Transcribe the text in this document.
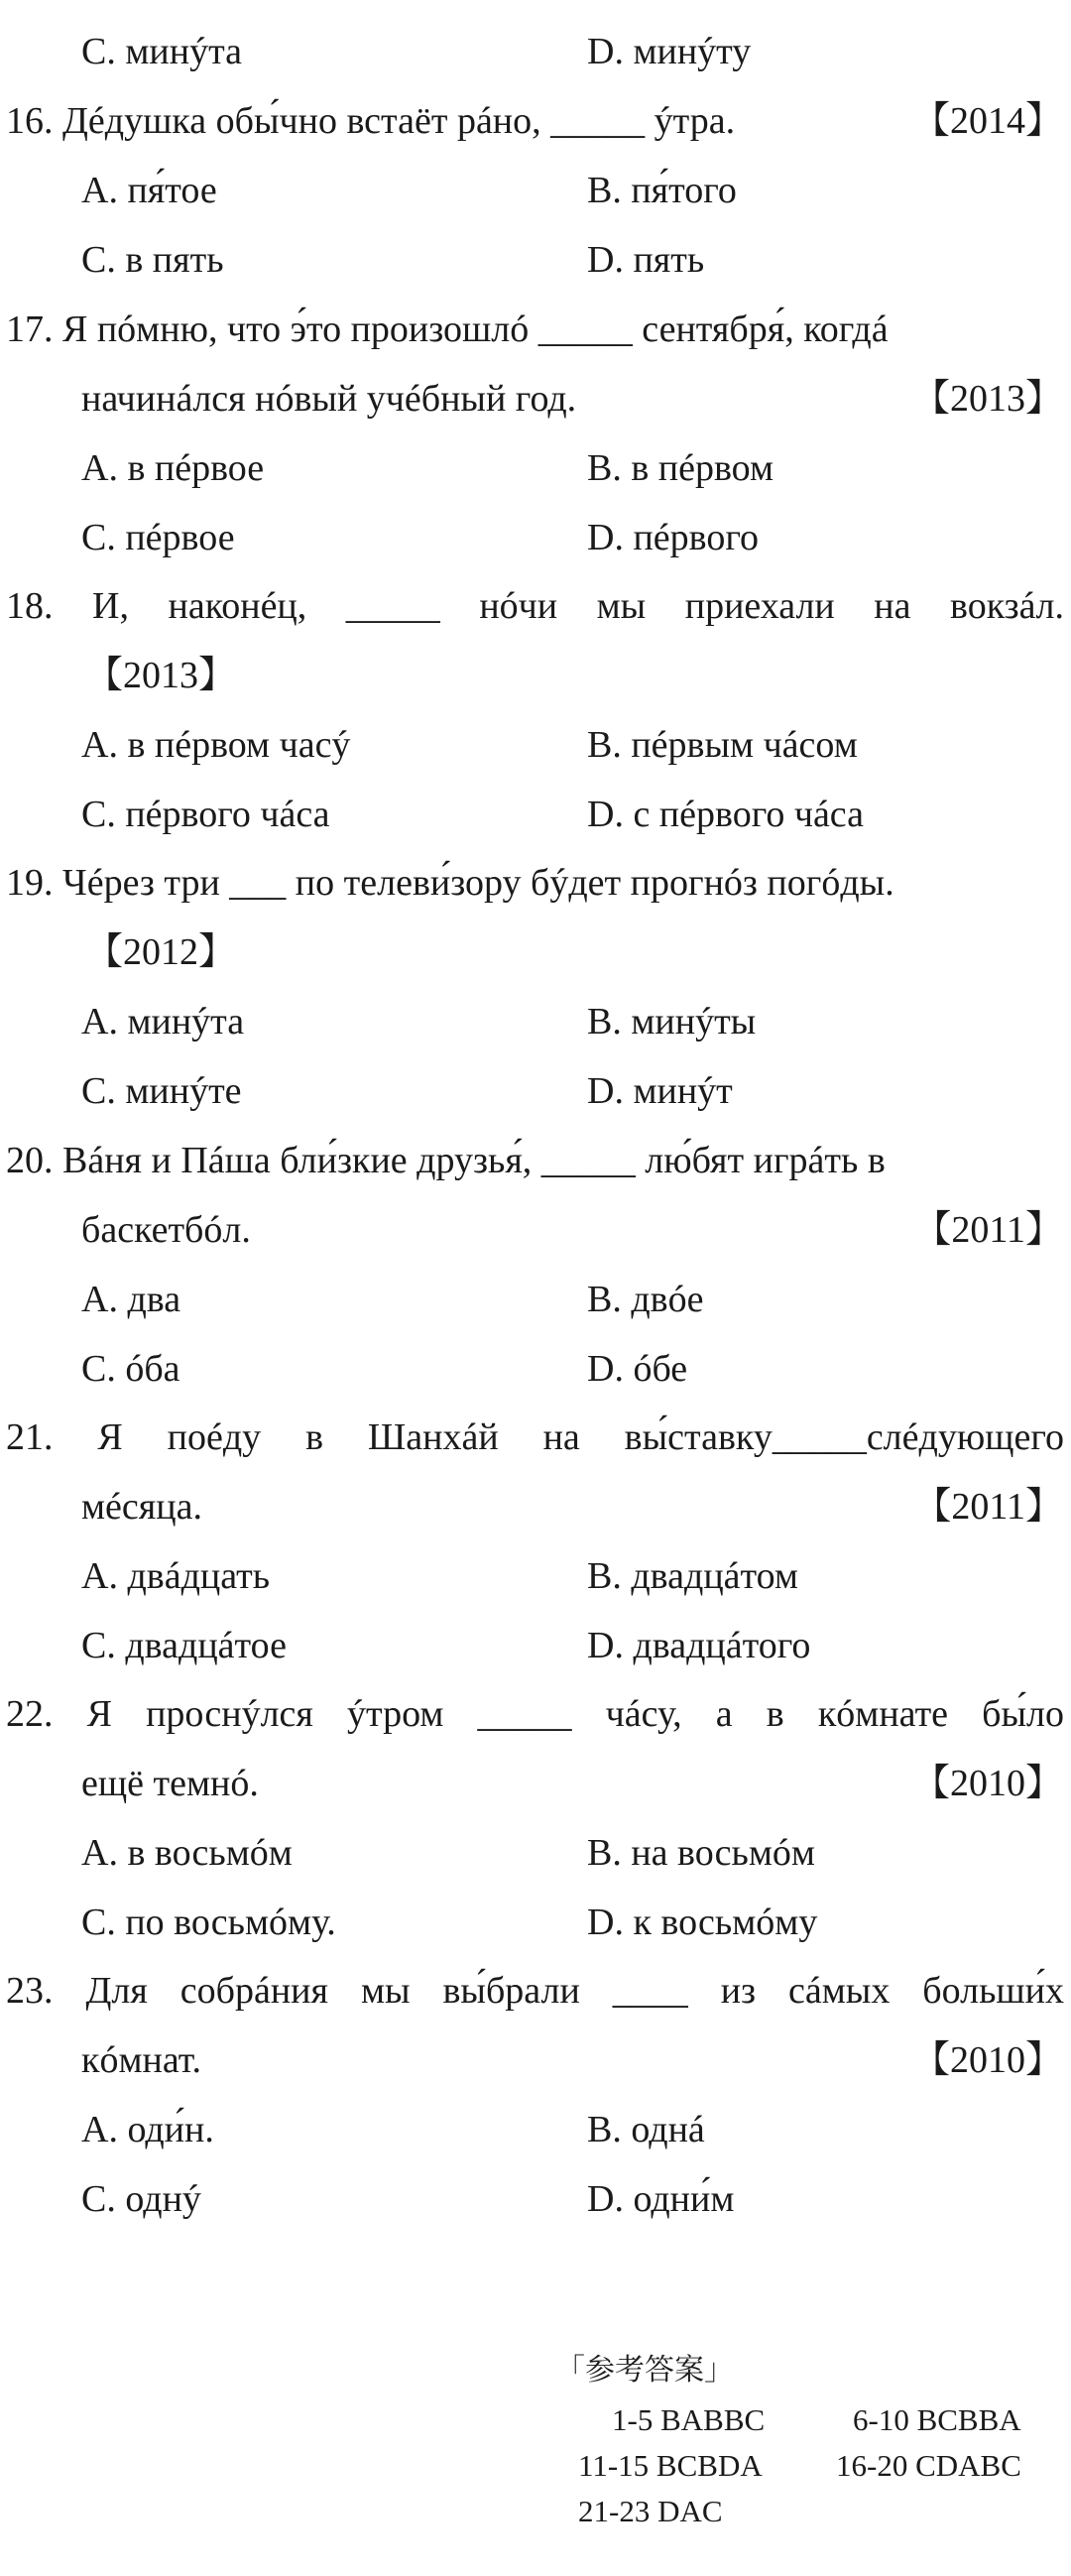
C. минýта	D. минýту
16. Дéдушка обы́чно встаёт рáно, _____ ýтра.	【2014】
A. пя́тое	B. пя́того
C. в пять	D. пять
17. Я пóмню, что э́то произошлó _____ сентября́, когдá
начинáлся нóвый учéбный год.	【2013】
A. в пéрвое	B. в пéрвом
C. пéрвое	D. пéрвого
18. И, наконéц, _____ нóчи мы приехали на вокзáл.
【2013】
A. в пéрвом часý	B. пéрвым чáсом
C. пéрвого чáса	D. с пéрвого чáса
19. Чéрез три ___ по телеви́зору бýдет прогнóз погóды.
【2012】
A. минýта	B. минýты
C. минýте	D. минýт
20. Вáня и Пáша бли́зкие друзья́, _____ лю́бят игрáть в
баскетбóл.	【2011】
A. два	B. двóе
C. óба	D. óбе
21. Я поéду в Шанхáй на вы́ставку_____слéдующего
мéсяца.	【2011】
A. двáдцать	B. двадцáтом
C. двадцáтое	D. двадцáтого
22. Я проснýлся ýтром _____ чáсу, а в кóмнате бы́ло
ещё темнó.	【2010】
A. в восьмóм	B. на восьмóм
C. по восьмóму.	D. к восьмóму
23. Для собрáния мы вы́брали ____ из сáмых больши́х
кóмнат.	【2010】
A. оди́н.	B. однá
C. однý	D. одни́м
「参考答案」
1-5 BABBC	6-10 BCBBA
11-15 BCBDA 16-20 CDABC
21-23 DAC
